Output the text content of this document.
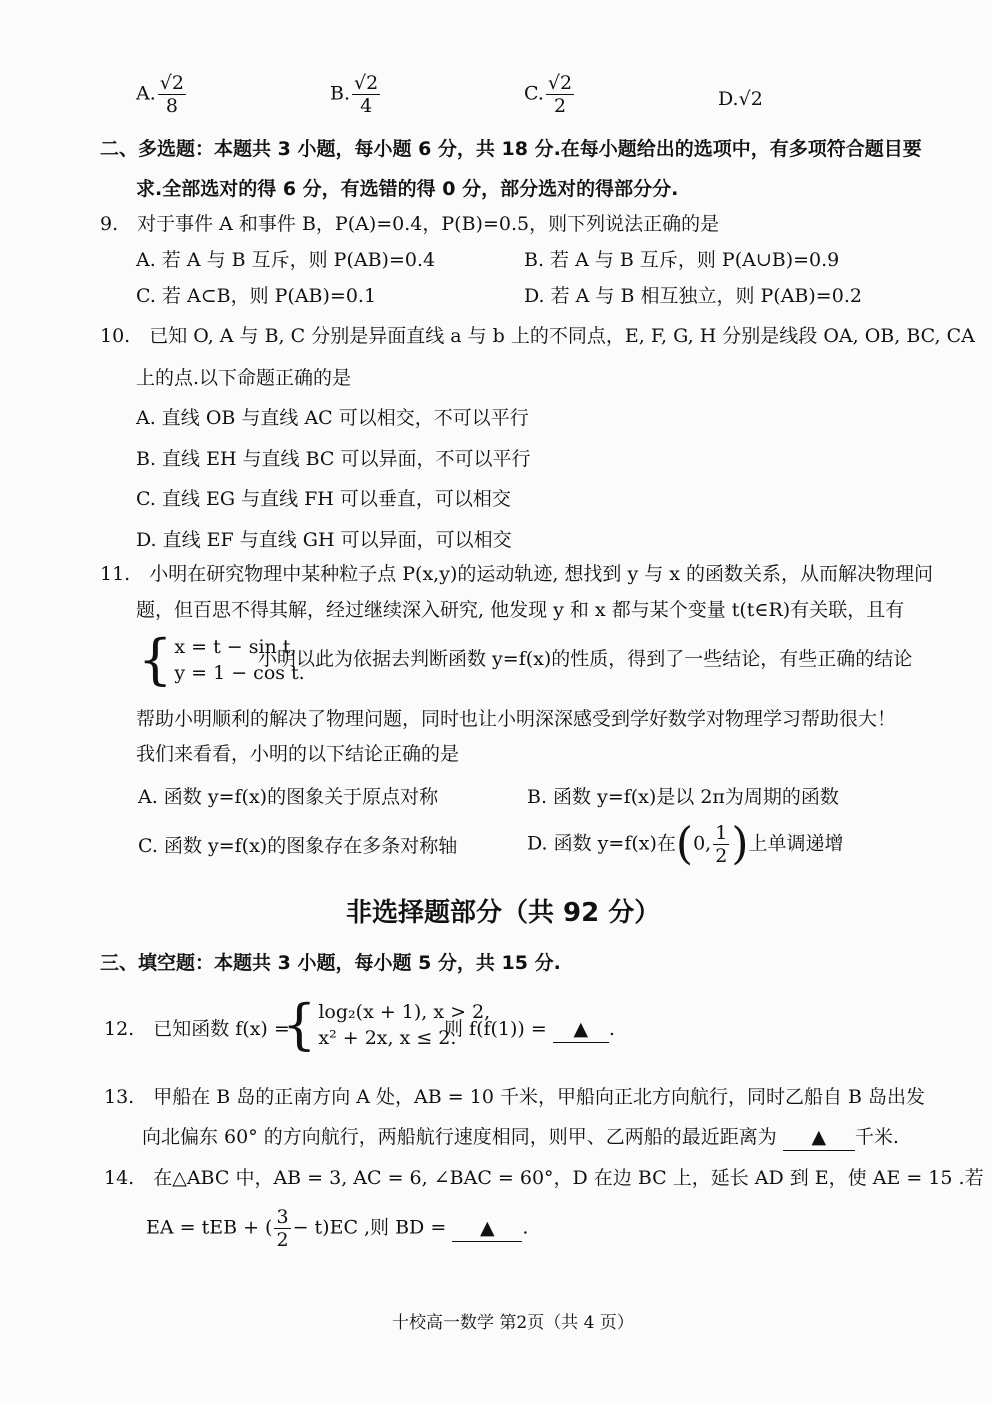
A. $\frac{√2}{8}$	B. $\frac{√2}{4}$	C. $\frac{√2}{2}$	D.√2
二、多选题：本题共 3 小题，每小题 6 分，共 18 分.在每小题给出的选项中，有多项符合题目要
求.全部选对的得 6 分，有选错的得 0 分，部分选对的得部分分.
9.　对于事件 A 和事件 B，P(A)=0.4，P(B)=0.5，则下列说法正确的是
A. 若 A 与 B 互斥，则 P(AB)=0.4	B. 若 A 与 B 互斥，则 P(A∪B)=0.9
C. 若 A⊂B，则 P(AB)=0.1	D. 若 A 与 B 相互独立，则 P(AB)=0.2
10.　已知 O, A 与 B, C 分别是异面直线 a 与 b 上的不同点，E, F, G, H 分别是线段 OA, OB, BC, CA
上的点.以下命题正确的是
A. 直线 OB 与直线 AC 可以相交，不可以平行
B. 直线 EH 与直线 BC 可以异面，不可以平行
C. 直线 EG 与直线 FH 可以垂直，可以相交
D. 直线 EF 与直线 GH 可以异面，可以相交
11.　小明在研究物理中某种粒子点 P(x,y)的运动轨迹, 想找到 y 与 x 的函数关系，从而解决物理问
题，但百思不得其解，经过继续深入研究, 他发现 y 和 x 都与某个变量 t(t∈R)有关联，且有
{ x = t − sin t,
y = 1 − cos t.
小明以此为依据去判断函数 y=f(x)的性质，得到了一些结论，有些正确的结论
帮助小明顺利的解决了物理问题，同时也让小明深深感受到学好数学对物理学习帮助很大！
我们来看看，小明的以下结论正确的是
A. 函数 y=f(x)的图象关于原点对称	B. 函数 y=f(x)是以 2π为周期的函数
C. 函数 y=f(x)的图象存在多条对称轴	D. 函数 y=f(x)在(0, $\frac{1}{2}$ )上单调递增
非选择题部分（共 92 分）
三、填空题：本题共 3 小题，每小题 5 分，共 15 分.
12.　已知函数 f(x) =
{ log₂(x + 1), x > 2,
x² + 2x, x ≤ 2.
则 f(f(1)) = ▲ .
13.　甲船在 B 岛的正南方向 A 处，AB = 10 千米，甲船向正北方向航行，同时乙船自 B 岛出发
向北偏东 60° 的方向航行，两船航行速度相同，则甲、乙两船的最近距离为 ▲ 千米.
14.　在△ABC 中，AB = 3, AC = 6, ∠BAC = 60°，D 在边 BC 上，延长 AD 到 E，使 AE = 15 .若
EA = tEB + ( $\frac{3}{2} - t)EC$ ,则 BD = ▲ .
十校高一数学 第2页（共 4 页）
